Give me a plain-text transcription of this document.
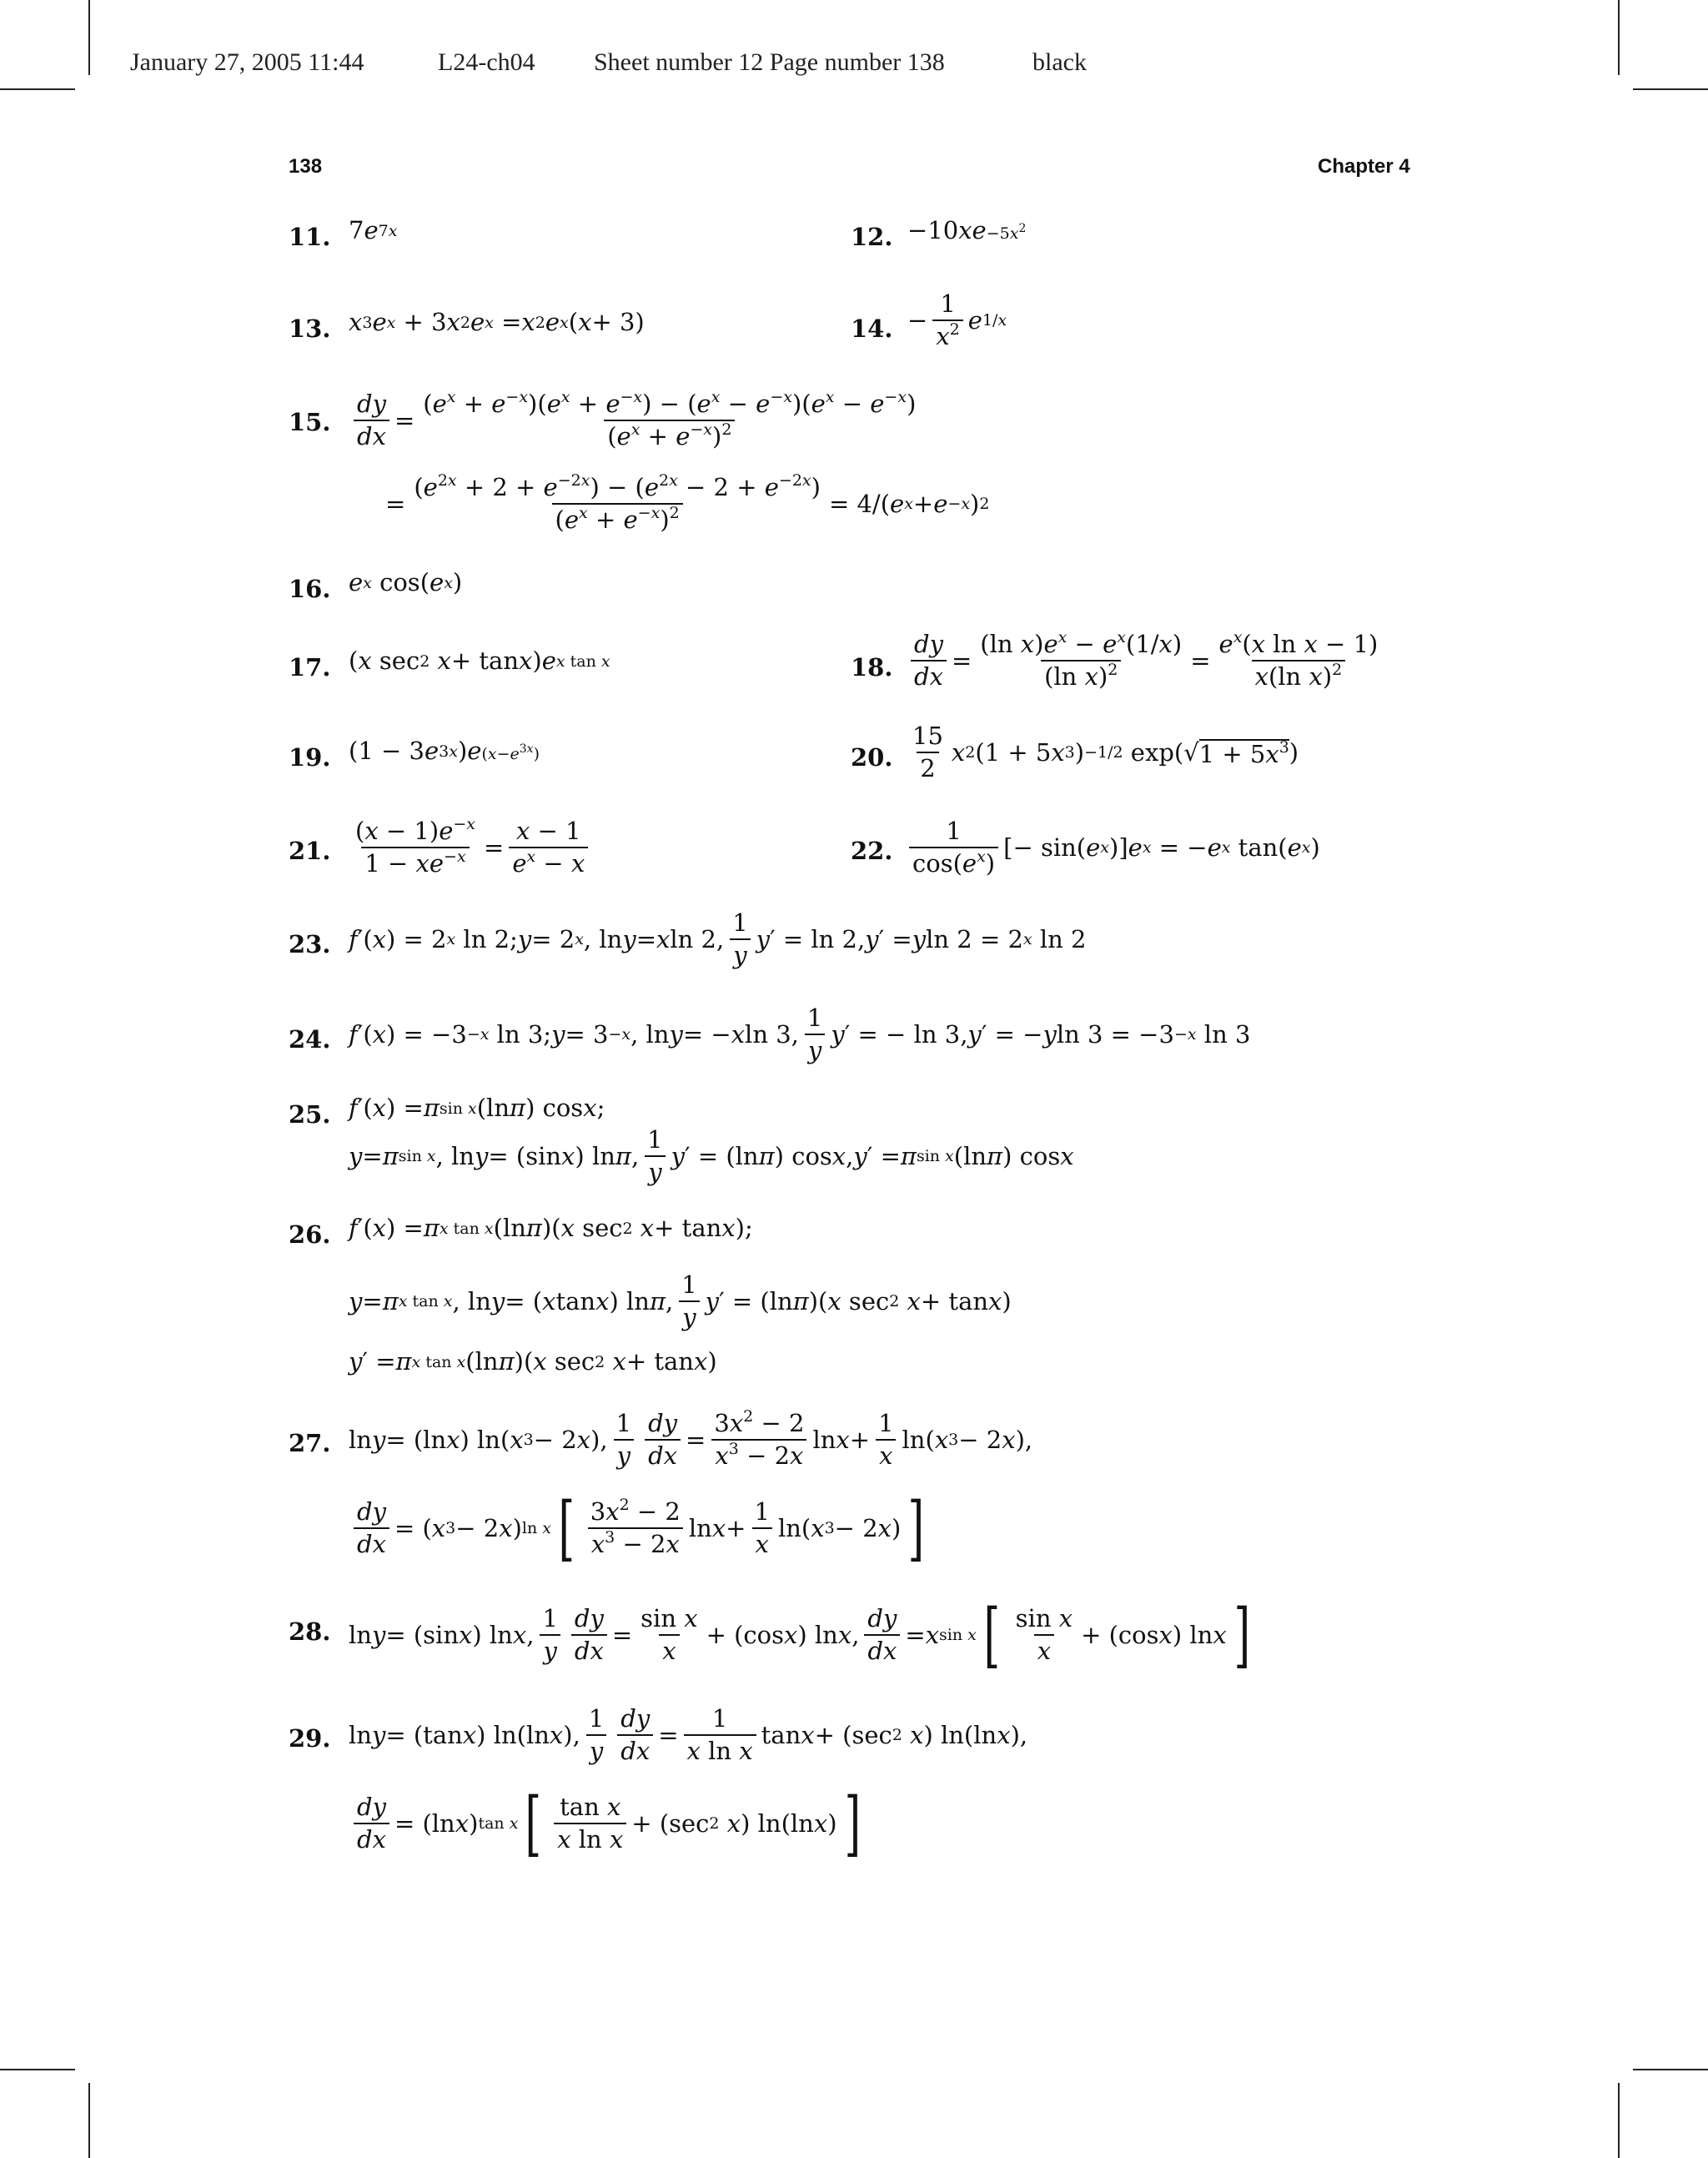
January 27, 2005 11:44	L24-ch04 Sheet number 12 Page number 138	black
138	Chapter 4
11. 7 e 7x	12. −10 xe $-5x^2$
13. x 3 e x + 3 x 2 e x = x 2 e x ( x + 3)	14. − $\frac{1}{x^2}$ e 1/x
15. $\frac{dy}{dx} = \frac{(e^x + e^{-x})(e^x + e^{-x}) - (e^x - e^{-x})(e^x - e^{-x})}{(e^x + e^{-x})^2}$
= $\frac{(e^{2x} + 2 + e^{-2x}) - (e^{2x} - 2 + e^{-2x})}{(e^x + e^{-x})^2} = 4/$( e x + e −x ) 2
16. e x cos( e x )
17. ( x sec 2
x + tan x ) e x tan x	18. $\frac{dy}{dx} = \frac{(\ln x)e^x - e^x(1/x)}{(\ln x)^2} = \frac{e^x(x \ln x - 1)}{x(\ln x)^2}$
19. (1 − 3 e 3x ) e $(x-e^{3x})$	20. $\frac{15}{2}$ x 2 (1 + 5 x 3 ) −1/2 exp(√ $1 + 5x^3$ )
21. $\frac{(x - 1)e^{-x}}{1 - xe^{-x}} = \frac{x - 1}{e^x - x}$	22. $\frac{1}{\cos(e^x)}$ [− sin( e x )] e x = − e x tan( e x )
23. f ′( x ) = 2 x ln 2; y = 2 x , ln y = x ln 2, $\frac{1}{y}$ y ′ = ln 2, y ′ = y ln 2 = 2 x ln 2
24. f ′( x ) = −3 −x ln 3; y = 3 −x , ln y = − x ln 3, $\frac{1}{y}$ y ′ = − ln 3, y ′ = − y ln 3 = −3 −x ln 3
25. f ′( x ) = π sin x (ln π ) cos x ;
y = π sin x , ln y = (sin x ) ln π , $\frac{1}{y}$ y ′ = (ln π ) cos x , y ′ = π sin x (ln π ) cos x
26. f ′( x ) = π x tan x (ln π )( x sec 2
x + tan x );
y = π x tan x , ln y = ( x tan x ) ln π , $\frac{1}{y}$ y ′ = (ln π )( x sec 2
x + tan x )
y ′ = π x tan x (ln π )( x sec 2
x + tan x )
27. ln y = (ln x ) ln( x 3 − 2 x ), $\frac{1}{y} \frac{dy}{dx} = \frac{3x^2 - 2}{x^3 - 2x}$ $\ln x + \frac{1}{x} \ln$( x 3 − 2 x ),
$\frac{dy}{dx}$ = ( x 3 − 2 x ) ln x [ $\frac{3x^2 - 2}{x^3 - 2x}$ $\ln x + \frac{1}{x} \ln$( x 3 − 2 x ) ]
28. ln y = (sin x ) ln x , $\frac{1}{y} \frac{dy}{dx} = \frac{\text{sin x}}{x} + (\cos$ x ) ln x , $\frac{dy}{dx} = x$ sin x [ $\frac{\text{sin x}}{x} + (\cos$ x ) ln x ]
29. ln y = (tan x ) ln(ln x ), $\frac{1}{y} \frac{dy}{dx} = \frac{1}{\text{x ln x}}$ tan x + (sec 2
x ) ln(ln x ),
$\frac{dy}{dx} = (\ln$ x ) tan x [ $\frac{\text{tan x}}{\text{x ln x}} + (\sec$ 2
x ) ln(ln x ) ]
